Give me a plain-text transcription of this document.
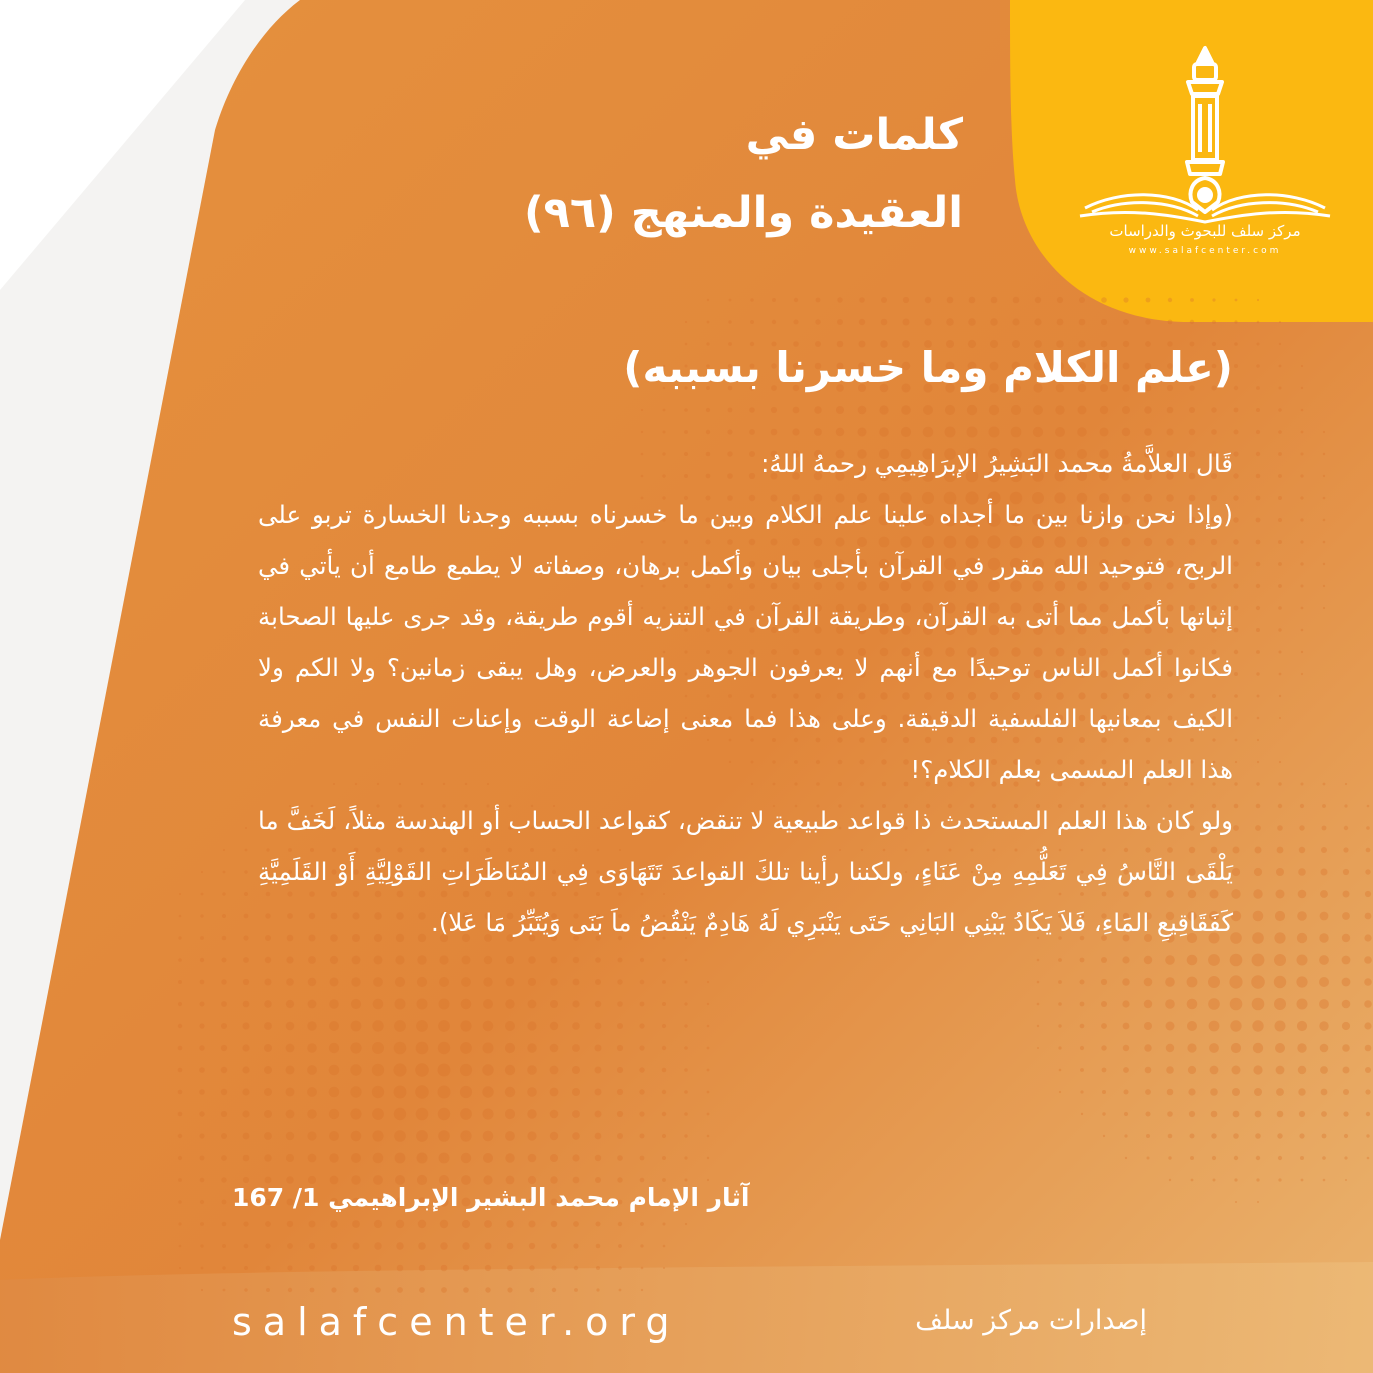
مركز سلف للبحوث والدراسات
www.salafcenter.com
كلمات في
العقيدة والمنهج (٩٦)
(علم الكلام وما خسرنا بسببه)

قَال العلاَّمةُ محمد البَشِيرُ الإبرَاهِيمِي رحمهُ اللهُ:

(وإذا نحن وازنا بين ما أجداه علينا علم الكلام وبين ما خسرناه بسببه وجدنا الخسارة تربو على الربح، فتوحيد الله مقرر في القرآن بأجلى بيان وأكمل برهان، وصفاته لا يطمع طامع أن يأتي في إثباتها بأكمل مما أتى به القرآن، وطريقة القرآن في التنزيه أقوم طريقة، وقد جرى عليها الصحابة فكانوا أكمل الناس توحيدًا مع أنهم لا يعرفون الجوهر والعرض، وهل يبقى زمانين؟ ولا الكم ولا الكيف بمعانيها الفلسفية الدقيقة. وعلى هذا فما معنى إضاعة الوقت وإعنات النفس في معرفة هذا العلم المسمى بعلم الكلام؟!

ولو كان هذا العلم المستحدث ذا قواعد طبيعية لا تنقض، كقواعد الحساب أو الهندسة مثلاً، لَخَفَّ ما يَلْقَى النَّاسُ فِي تَعَلُّمِهِ مِنْ عَنَاءٍ، ولكننا رأينا تلكَ القواعدَ تَتَهَاوَى فِي المُنَاظَرَاتِ القَوْلِيَّةِ أَوْ القَلَمِيَّةِ كَفَقَاقِيعِ المَاءِ، فَلاَ يَكَادُ يَبْنِي البَانِي حَتَى يَنْبَرِي لَهُ هَادِمٌ يَنْقُضُ ماَ بَنَى وَيُتَبِّرُ مَا عَلا).

آثار الإمام محمد البشير الإبراهيمي 1/ 167
salafcenter.org	إصدارات مركز سلف
